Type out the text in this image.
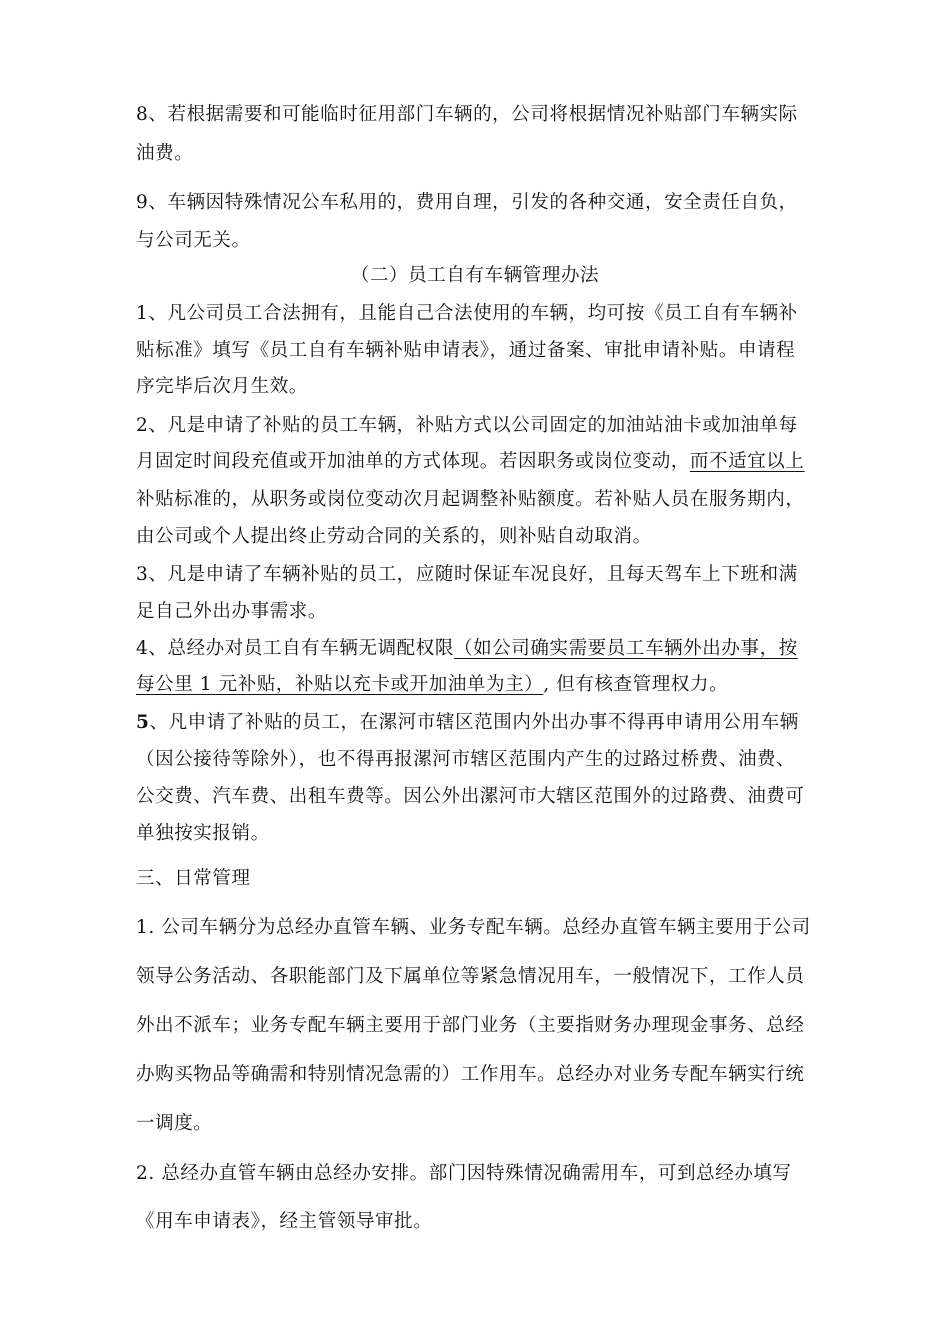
8、若根据需要和可能临时征用部门车辆的，公司将根据情况补贴部门车辆实际
油费。
9、车辆因特殊情况公车私用的，费用自理，引发的各种交通，安全责任自负，
与公司无关。
（二）员工自有车辆管理办法
1、凡公司员工合法拥有，且能自己合法使用的车辆，均可按《员工自有车辆补
贴标准》填写《员工自有车辆补贴申请表》，通过备案、审批申请补贴。申请程
序完毕后次月生效。
2、凡是申请了补贴的员工车辆，补贴方式以公司固定的加油站油卡或加油单每
月固定时间段充值或开加油单的方式体现。若因职务或岗位变动，而不适宜以上
补贴标准的，从职务或岗位变动次月起调整补贴额度。若补贴人员在服务期内，
由公司或个人提出终止劳动合同的关系的，则补贴自动取消。
3、凡是申请了车辆补贴的员工，应随时保证车况良好，且每天驾车上下班和满
足自己外出办事需求。
4、总经办对员工自有车辆无调配权限（如公司确实需要员工车辆外出办事，按
每公里 1 元补贴，补贴以充卡或开加油单为主）, 但有核查管理权力。
5、凡申请了补贴的员工，在漯河市辖区范围内外出办事不得再申请用公用车辆
（因公接待等除外），也不得再报漯河市辖区范围内产生的过路过桥费、油费、
公交费、汽车费、出租车费等。因公外出漯河市大辖区范围外的过路费、油费可
单独按实报销。
三、日常管理
1. 公司车辆分为总经办直管车辆、业务专配车辆。总经办直管车辆主要用于公司
领导公务活动、各职能部门及下属单位等紧急情况用车，一般情况下，工作人员
外出不派车；业务专配车辆主要用于部门业务（主要指财务办理现金事务、总经
办购买物品等确需和特别情况急需的）工作用车。总经办对业务专配车辆实行统
一调度。
2. 总经办直管车辆由总经办安排。部门因特殊情况确需用车，可到总经办填写
《用车申请表》，经主管领导审批。
